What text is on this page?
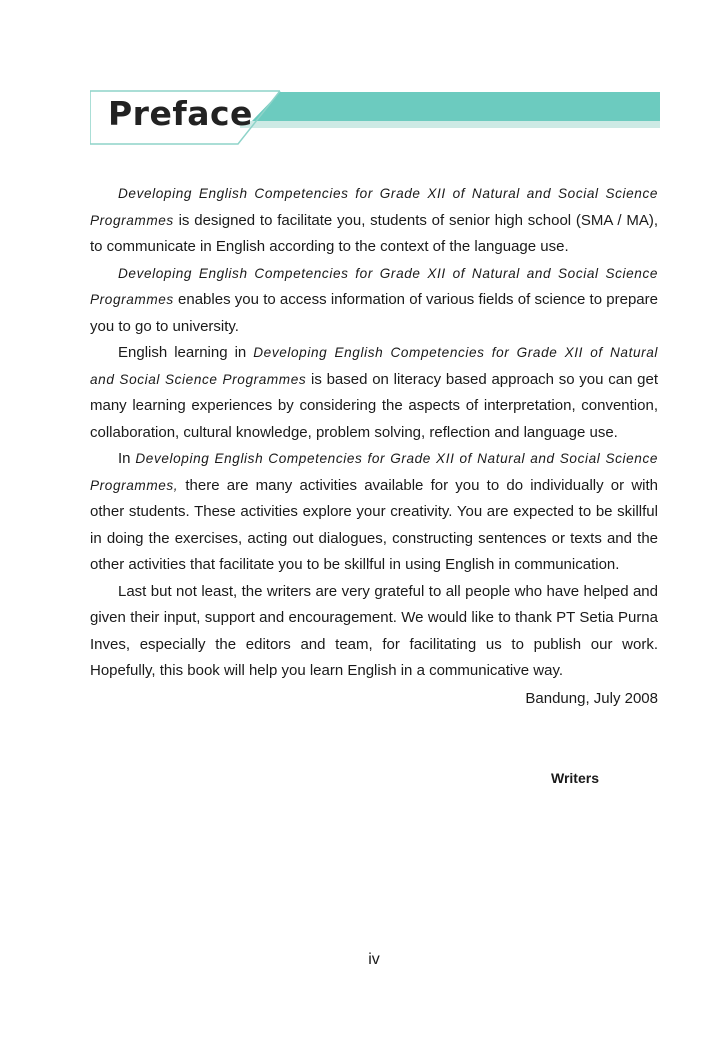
Preface

Developing English Competencies for Grade XII of Natural and Social Science Programmes is designed to facilitate you, students of senior high school (SMA / MA), to communicate in English according to the context of the language use.

Developing English Competencies for Grade XII of Natural and Social Science Programmes enables you to access information of various fields of science to prepare you to go to university.

English learning in Developing English Competencies for Grade XII of Natural and Social Science Programmes is based on literacy based approach so you can get many learning experiences by considering the aspects of interpretation, convention, collaboration, cultural knowledge, problem solving, reflection and language use.

In Developing English Competencies for Grade XII of Natural and Social Science Programmes, there are many activities available for you to do individually or with other students. These activities explore your creativity. You are expected to be skillful in doing the exercises, acting out dialogues, constructing sentences or texts and the other activities that facilitate you to be skillful in using English in communication.

Last but not least, the writers are very grateful to all people who have helped and given their input, support and encouragement. We would like to thank PT Setia Purna Inves, especially the editors and team, for facilitating us to publish our work. Hopefully, this book will help you learn English in a communicative way.

Bandung, July 2008
Writers
iv
